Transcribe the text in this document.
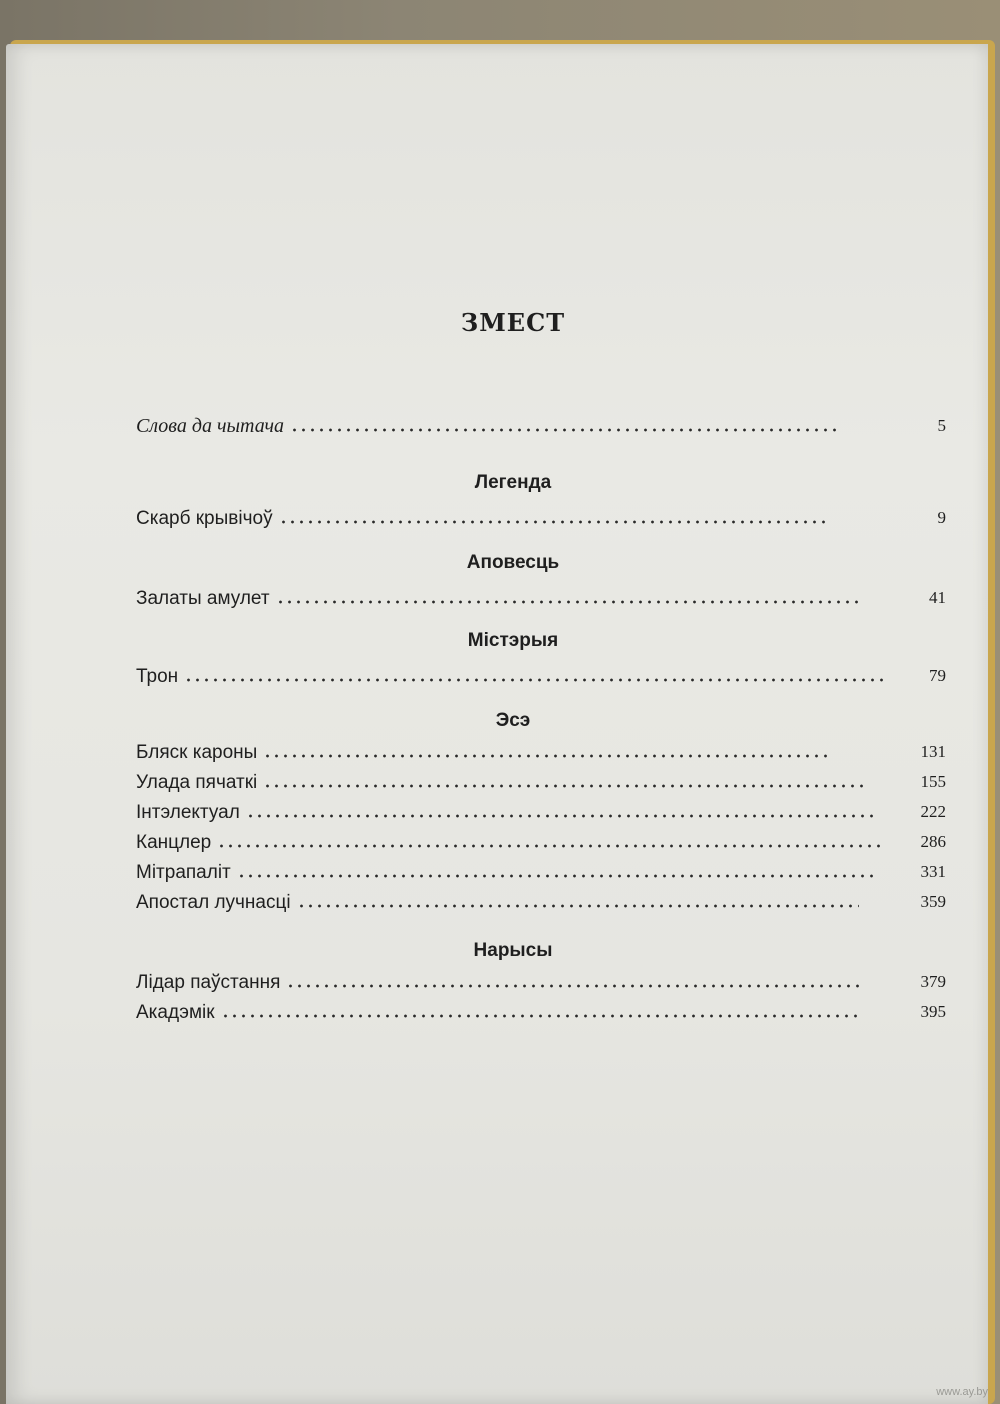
ЗМЕСТ
Слова да чытача	5
Легенда
Скарб крывічоў	9
Аповесць
Залаты амулет	41
Містэрыя
Трон	79
Эсэ
Бляск кароны	131
Улада пячаткі	155
Інтэлектуал	222
Канцлер	286
Мітрапаліт	331
Апостал лучнасці	359
Нарысы
Лідар паўстання	379
Акадэмік	395
www.ay.by
